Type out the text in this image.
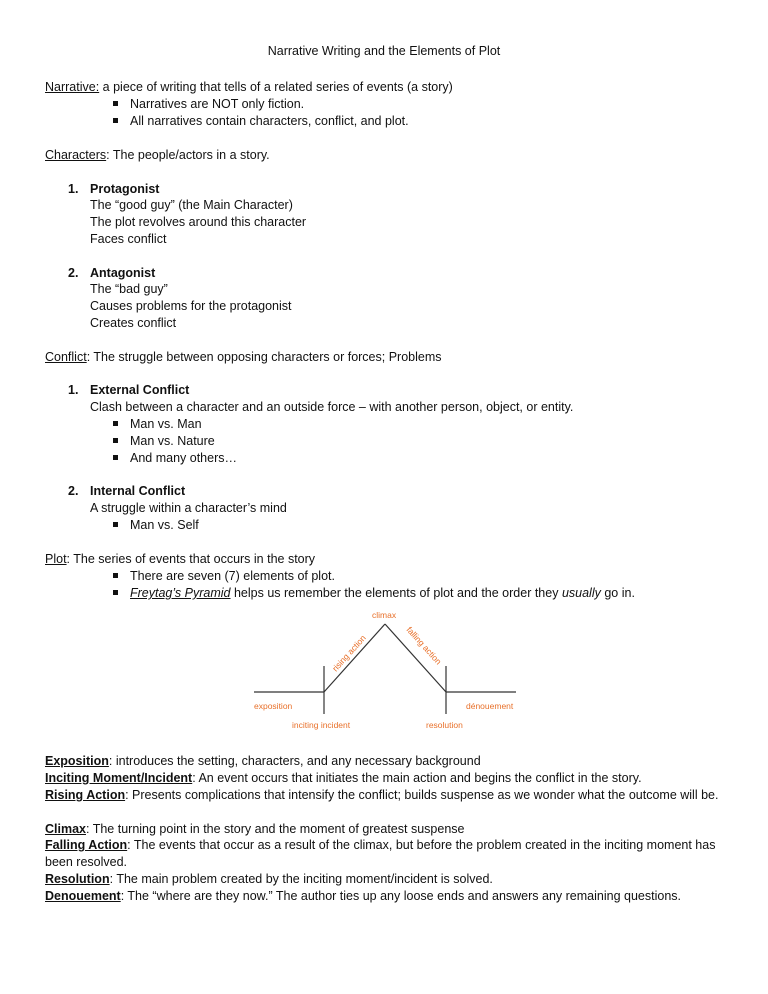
Narrative Writing and the Elements of Plot
Narrative: a piece of writing that tells of a related series of events (a story)
Narratives are NOT only fiction.
All narratives contain characters, conflict, and plot.
Characters: The people/actors in a story.
1. Protagonist
The “good guy” (the Main Character)
The plot revolves around this character
Faces conflict
2. Antagonist
The “bad guy”
Causes problems for the protagonist
Creates conflict
Conflict: The struggle between opposing characters or forces; Problems
1. External Conflict
Clash between a character and an outside force – with another person, object, or entity.
Man vs. Man
Man vs. Nature
And many others…
2. Internal Conflict
A struggle within a character’s mind
Man vs. Self
Plot: The series of events that occurs in the story
There are seven (7) elements of plot.
Freytag’s Pyramid helps us remember the elements of plot and the order they usually go in.
climax
rising action	falling action
exposition
inciting incident	resolution
dénouement
Exposition: introduces the setting, characters, and any necessary background
Inciting Moment/Incident: An event occurs that initiates the main action and begins the conflict in the story.
Rising Action: Presents complications that intensify the conflict; builds suspense as we wonder what the outcome will be.
Climax: The turning point in the story and the moment of greatest suspense
Falling Action: The events that occur as a result of the climax, but before the problem created in the inciting moment has been resolved.
Resolution: The main problem created by the inciting moment/incident is solved.
Denouement: The “where are they now.” The author ties up any loose ends and answers any remaining questions.
